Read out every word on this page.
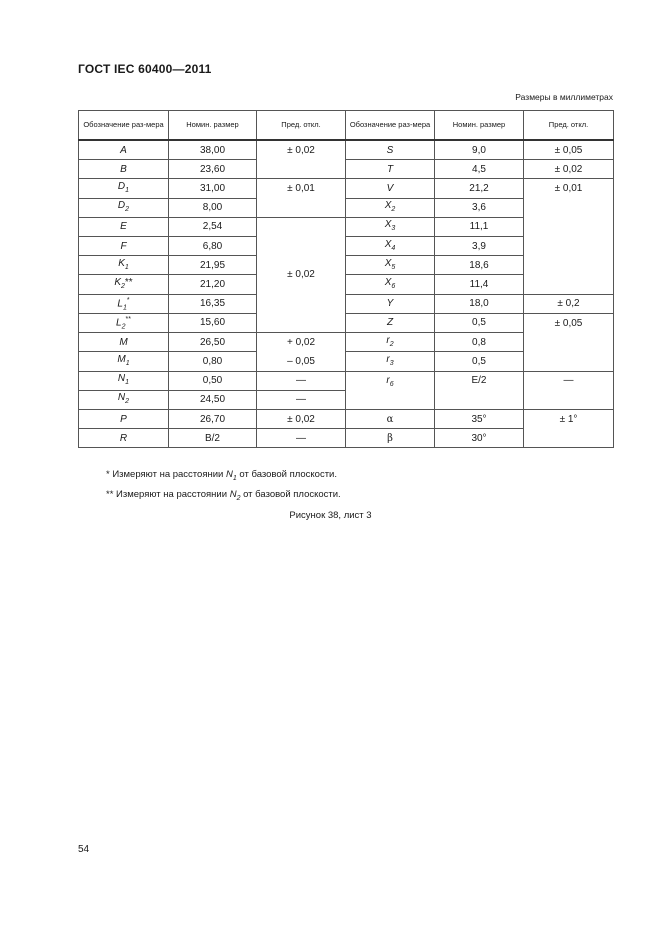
ГОСТ IEC 60400—2011
Размеры в миллиметрах
Обозначение раз-мера	Номин. размер	Пред. откл.	Обозначение раз-мера	Номин. размер	Пред. откл.
A	38,00	± 0,02	S	9,0	± 0,05
B	23,60		T	4,5	± 0,02
$D_1$	31,00	± 0,01	V	21,2	± 0,01
$D_2$	8,00		$X_2$	3,6	
E	2,54	± 0,02	$X_3$	11,1	
F	6,80		$X_4$	3,9	
$K_1$	21,95		$X_5$	18,6	
$K_2**$	21,20		$X_6$	11,4	
$L_1^*$	16,35		Y	18,0	± 0,2
$L_2^{**}$	15,60		Z	0,5	± 0,05
M	26,50	+ 0,02	$r_2$	0,8	
$M_1$	0,80	– 0,05	$r_3$	0,5	
$N_1$	0,50	—	$r_6$	E/2	—
$N_2$	24,50	—			
P	26,70	± 0,02	α	35°	± 1°
R	B/2	—	β	30°	
* Измеряют на расстоянии $N_1$ от базовой плоскости.
** Измеряют на расстоянии $N_2$ от базовой плоскости.
Рисунок 38, лист 3
54
